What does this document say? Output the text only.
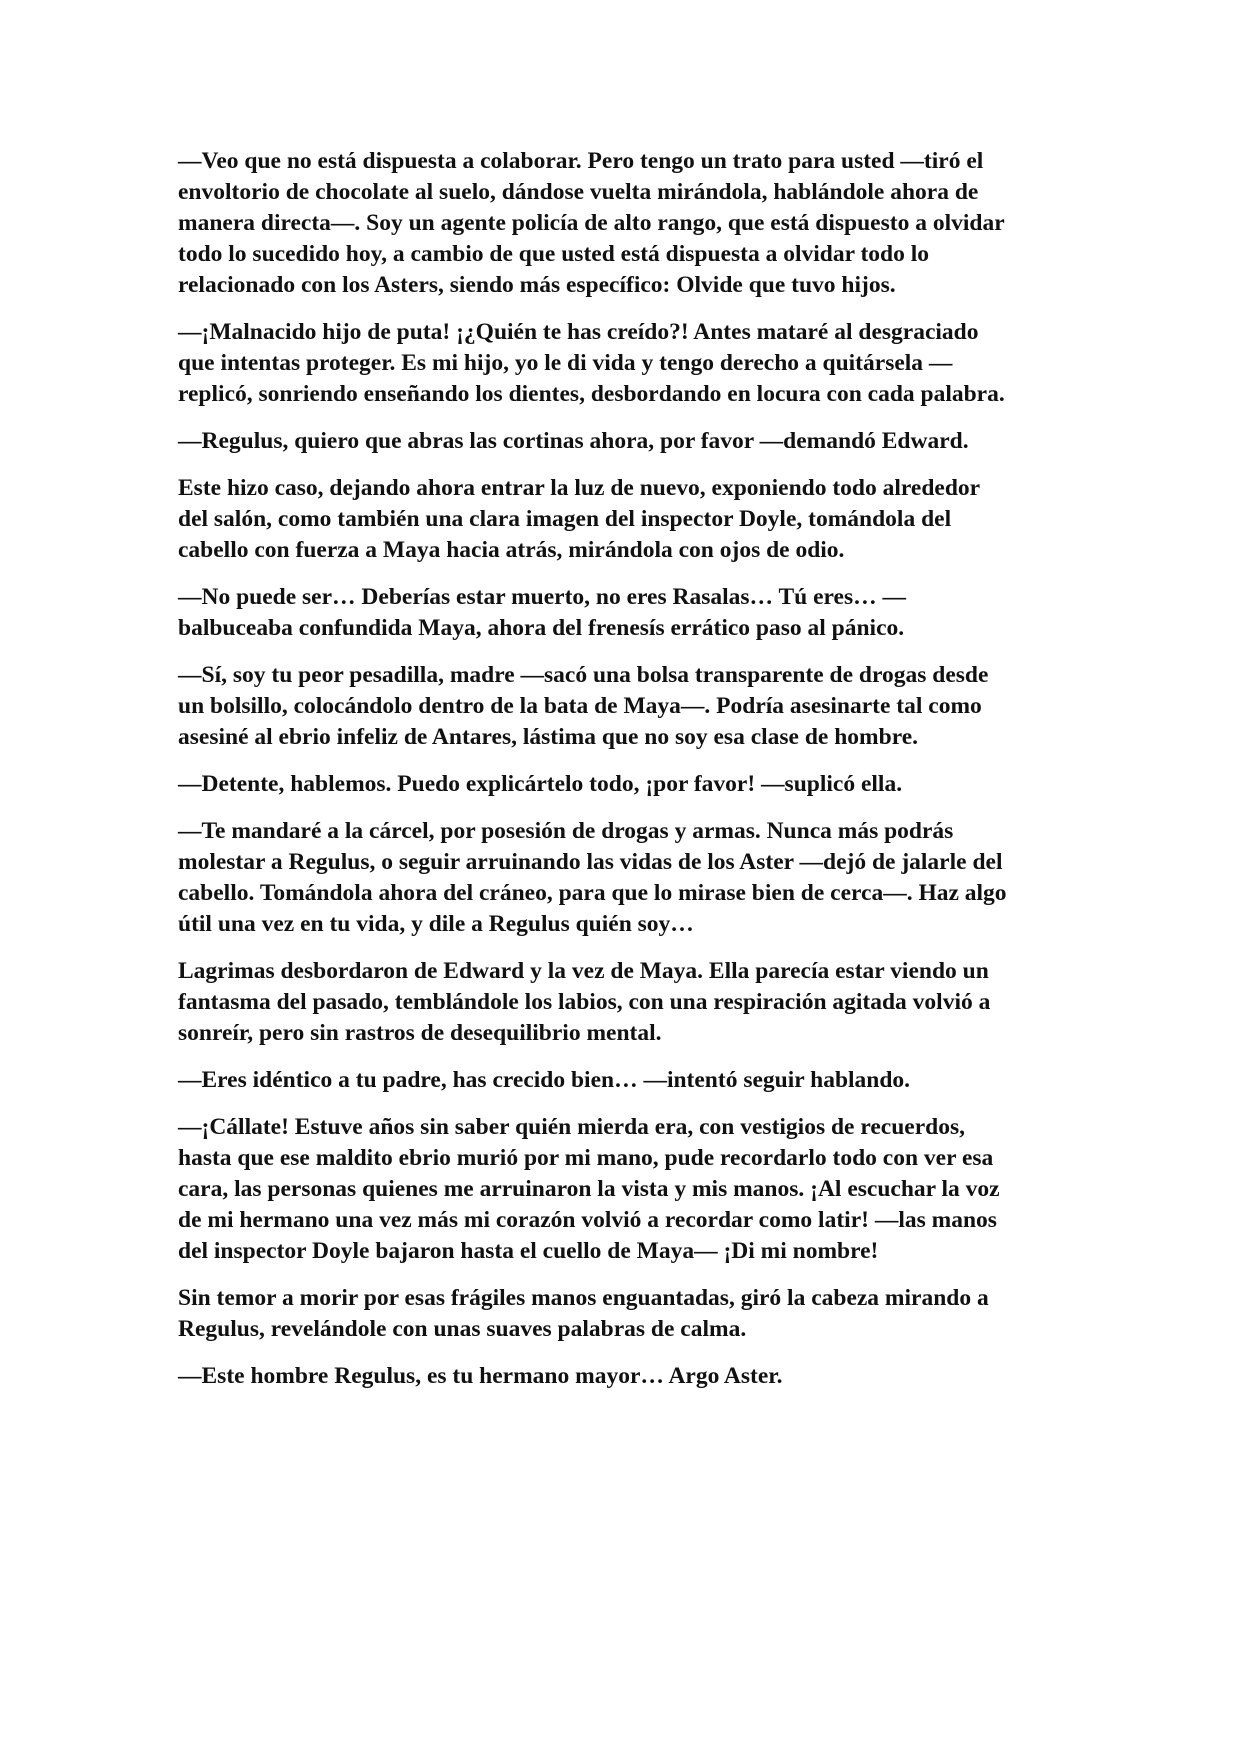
—Veo que no está dispuesta a colaborar. Pero tengo un trato para usted —tiró el
envoltorio de chocolate al suelo, dándose vuelta mirándola, hablándole ahora de
manera directa—. Soy un agente policía de alto rango, que está dispuesto a olvidar
todo lo sucedido hoy, a cambio de que usted está dispuesta a olvidar todo lo
relacionado con los Asters, siendo más específico: Olvide que tuvo hijos.

—¡Malnacido hijo de puta! ¡¿Quién te has creído?! Antes mataré al desgraciado
que intentas proteger. Es mi hijo, yo le di vida y tengo derecho a quitársela —
replicó, sonriendo enseñando los dientes, desbordando en locura con cada palabra.

—Regulus, quiero que abras las cortinas ahora, por favor —demandó Edward.

Este hizo caso, dejando ahora entrar la luz de nuevo, exponiendo todo alrededor
del salón, como también una clara imagen del inspector Doyle, tomándola del
cabello con fuerza a Maya hacia atrás, mirándola con ojos de odio.

—No puede ser… Deberías estar muerto, no eres Rasalas… Tú eres… —
balbuceaba confundida Maya, ahora del frenesís errático paso al pánico.

—Sí, soy tu peor pesadilla, madre —sacó una bolsa transparente de drogas desde
un bolsillo, colocándolo dentro de la bata de Maya—. Podría asesinarte tal como
asesiné al ebrio infeliz de Antares, lástima que no soy esa clase de hombre.

—Detente, hablemos. Puedo explicártelo todo, ¡por favor! —suplicó ella.

—Te mandaré a la cárcel, por posesión de drogas y armas. Nunca más podrás
molestar a Regulus, o seguir arruinando las vidas de los Aster —dejó de jalarle del
cabello. Tomándola ahora del cráneo, para que lo mirase bien de cerca—. Haz algo
útil una vez en tu vida, y dile a Regulus quién soy…

Lagrimas desbordaron de Edward y la vez de Maya. Ella parecía estar viendo un
fantasma del pasado, temblándole los labios, con una respiración agitada volvió a
sonreír, pero sin rastros de desequilibrio mental.

—Eres idéntico a tu padre, has crecido bien… —intentó seguir hablando.

—¡Cállate! Estuve años sin saber quién mierda era, con vestigios de recuerdos,
hasta que ese maldito ebrio murió por mi mano, pude recordarlo todo con ver esa
cara, las personas quienes me arruinaron la vista y mis manos. ¡Al escuchar la voz
de mi hermano una vez más mi corazón volvió a recordar como latir! —las manos
del inspector Doyle bajaron hasta el cuello de Maya— ¡Di mi nombre!

Sin temor a morir por esas frágiles manos enguantadas, giró la cabeza mirando a
Regulus, revelándole con unas suaves palabras de calma.

—Este hombre Regulus, es tu hermano mayor… Argo Aster.
